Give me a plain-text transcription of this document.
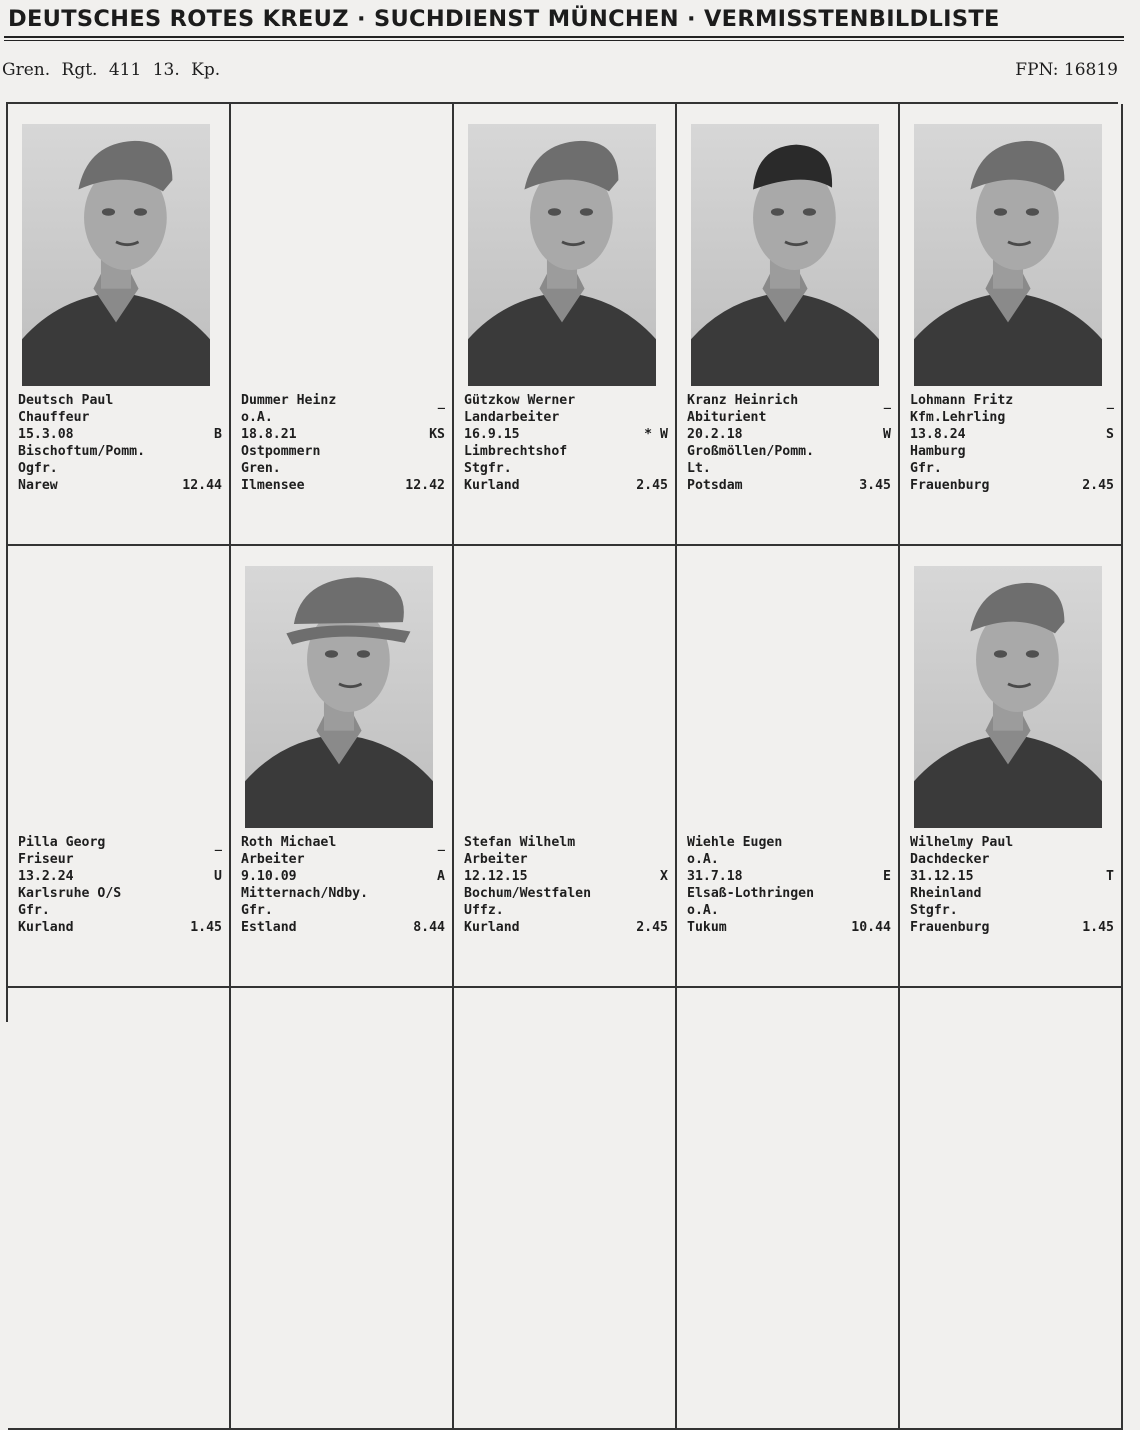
DEUTSCHES ROTES KREUZ · SUCHDIENST MÜNCHEN · VERMISSTENBILDLISTE
Gren. Rgt. 411 13. Kp.	FPN: 16819
Deutsch Paul
Chauffeur
15.3.08	B
Bischoftum/Pomm.
Ogfr.
Narew	12.44
Dummer Heinz	_
o.A.
18.8.21	KS
Ostpommern
Gren.
Ilmensee	12.42
Gützkow Werner
Landarbeiter
16.9.15	* W
Limbrechtshof
Stgfr.
Kurland	2.45
Kranz Heinrich	_
Abiturient
20.2.18	W
Großmöllen/Pomm.
Lt.
Potsdam	3.45
Lohmann Fritz	_
Kfm.Lehrling
13.8.24	S
Hamburg
Gfr.
Frauenburg	2.45
Pilla Georg	_
Friseur
13.2.24	U
Karlsruhe O/S
Gfr.
Kurland	1.45
Roth Michael	_
Arbeiter
9.10.09	A
Mitternach/Ndby.
Gfr.
Estland	8.44
Stefan Wilhelm
Arbeiter
12.12.15	X
Bochum/Westfalen
Uffz.
Kurland	2.45
Wiehle Eugen
o.A.
31.7.18	E
Elsaß-Lothringen
o.A.
Tukum	10.44
Wilhelmy Paul
Dachdecker
31.12.15	T
Rheinland
Stgfr.
Frauenburg	1.45
